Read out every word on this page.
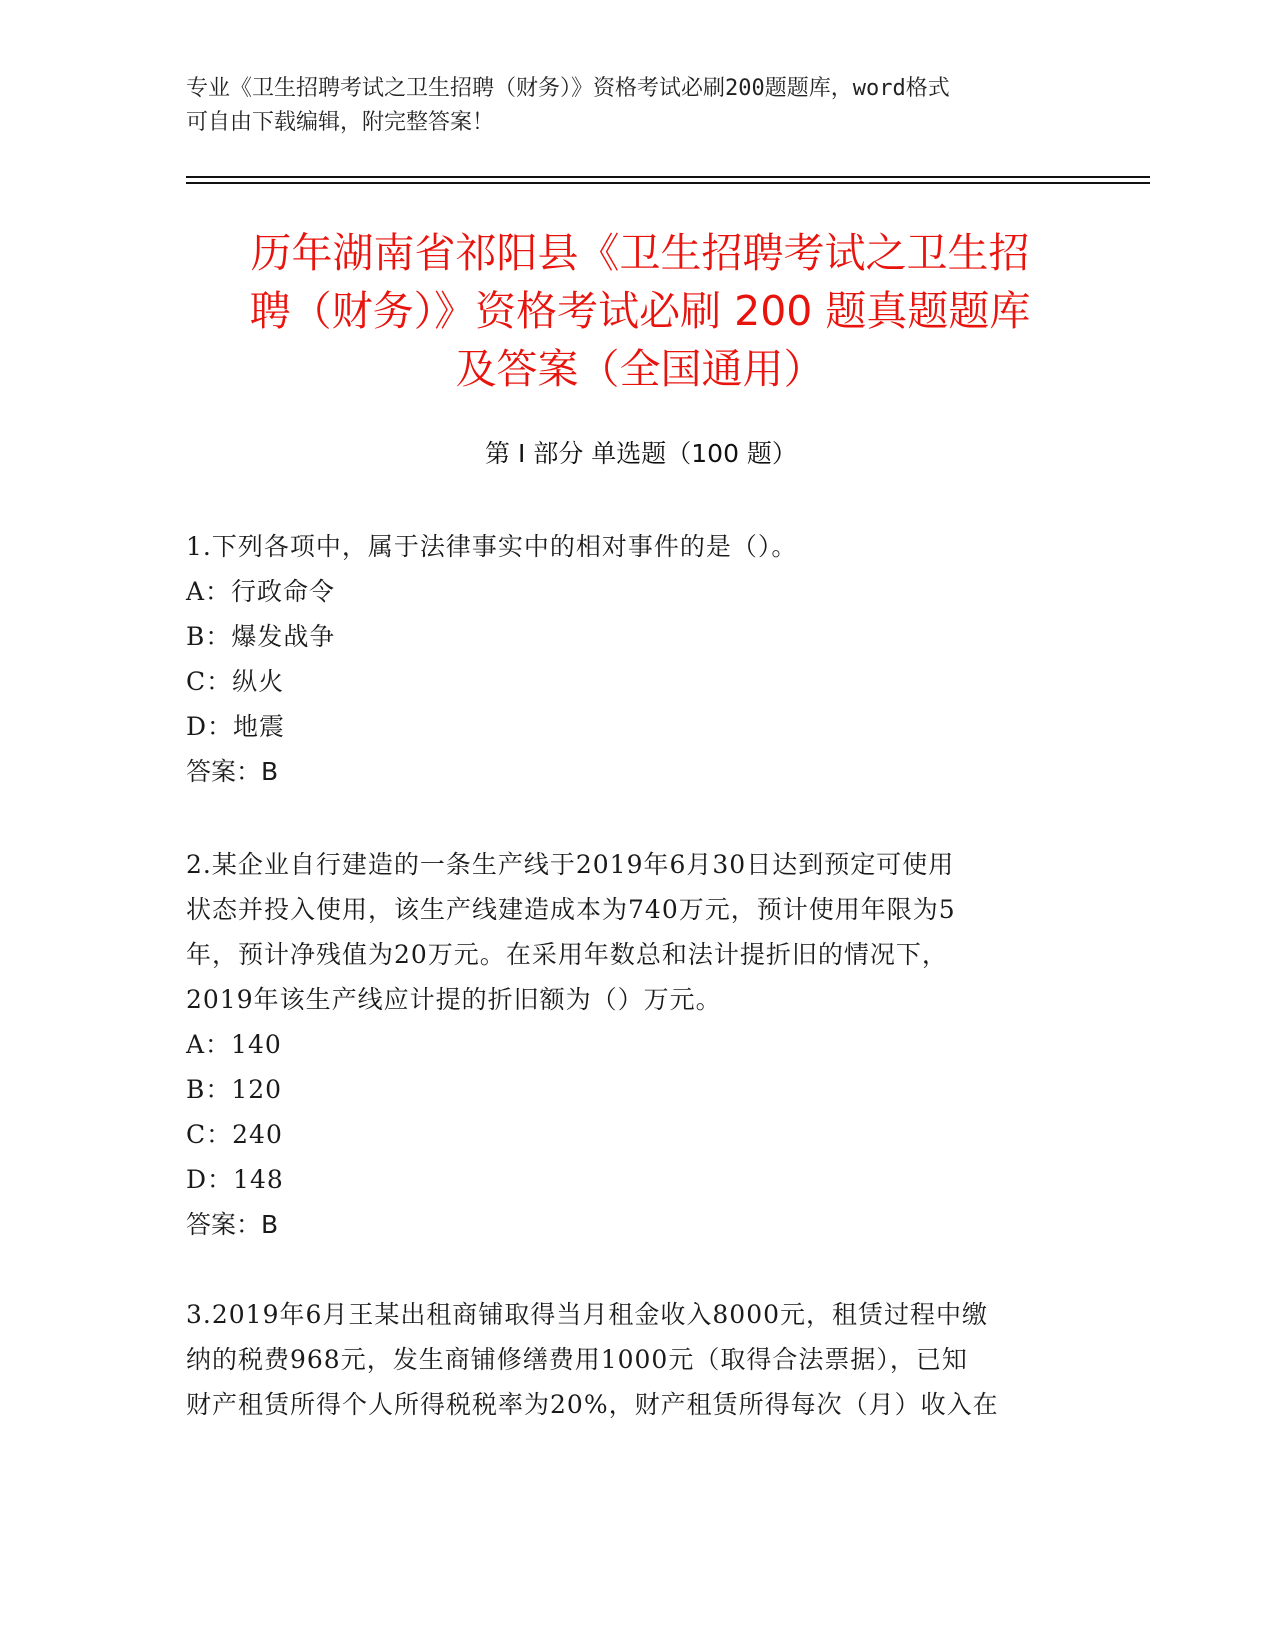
专业《卫生招聘考试之卫生招聘（财务）》资格考试必刷200题题库，word格式
可自由下载编辑，附完整答案！
历年湖南省祁阳县《卫生招聘考试之卫生招
聘（财务）》资格考试必刷 200 题真题题库
及答案（全国通用）
第 I 部分 单选题（100 题）
1.下列各项中，属于法律事实中的相对事件的是（）。
A：行政命令
B：爆发战争
C：纵火
D：地震
答案：B
2.某企业自行建造的一条生产线于2019年6月30日达到预定可使用
状态并投入使用，该生产线建造成本为740万元，预计使用年限为5
年，预计净残值为20万元。在采用年数总和法计提折旧的情况下，
2019年该生产线应计提的折旧额为（）万元。
A：140
B：120
C：240
D：148
答案：B
3.2019年6月王某出租商铺取得当月租金收入8000元，租赁过程中缴
纳的税费968元，发生商铺修缮费用1000元（取得合法票据），已知
财产租赁所得个人所得税税率为20%，财产租赁所得每次（月）收入在
